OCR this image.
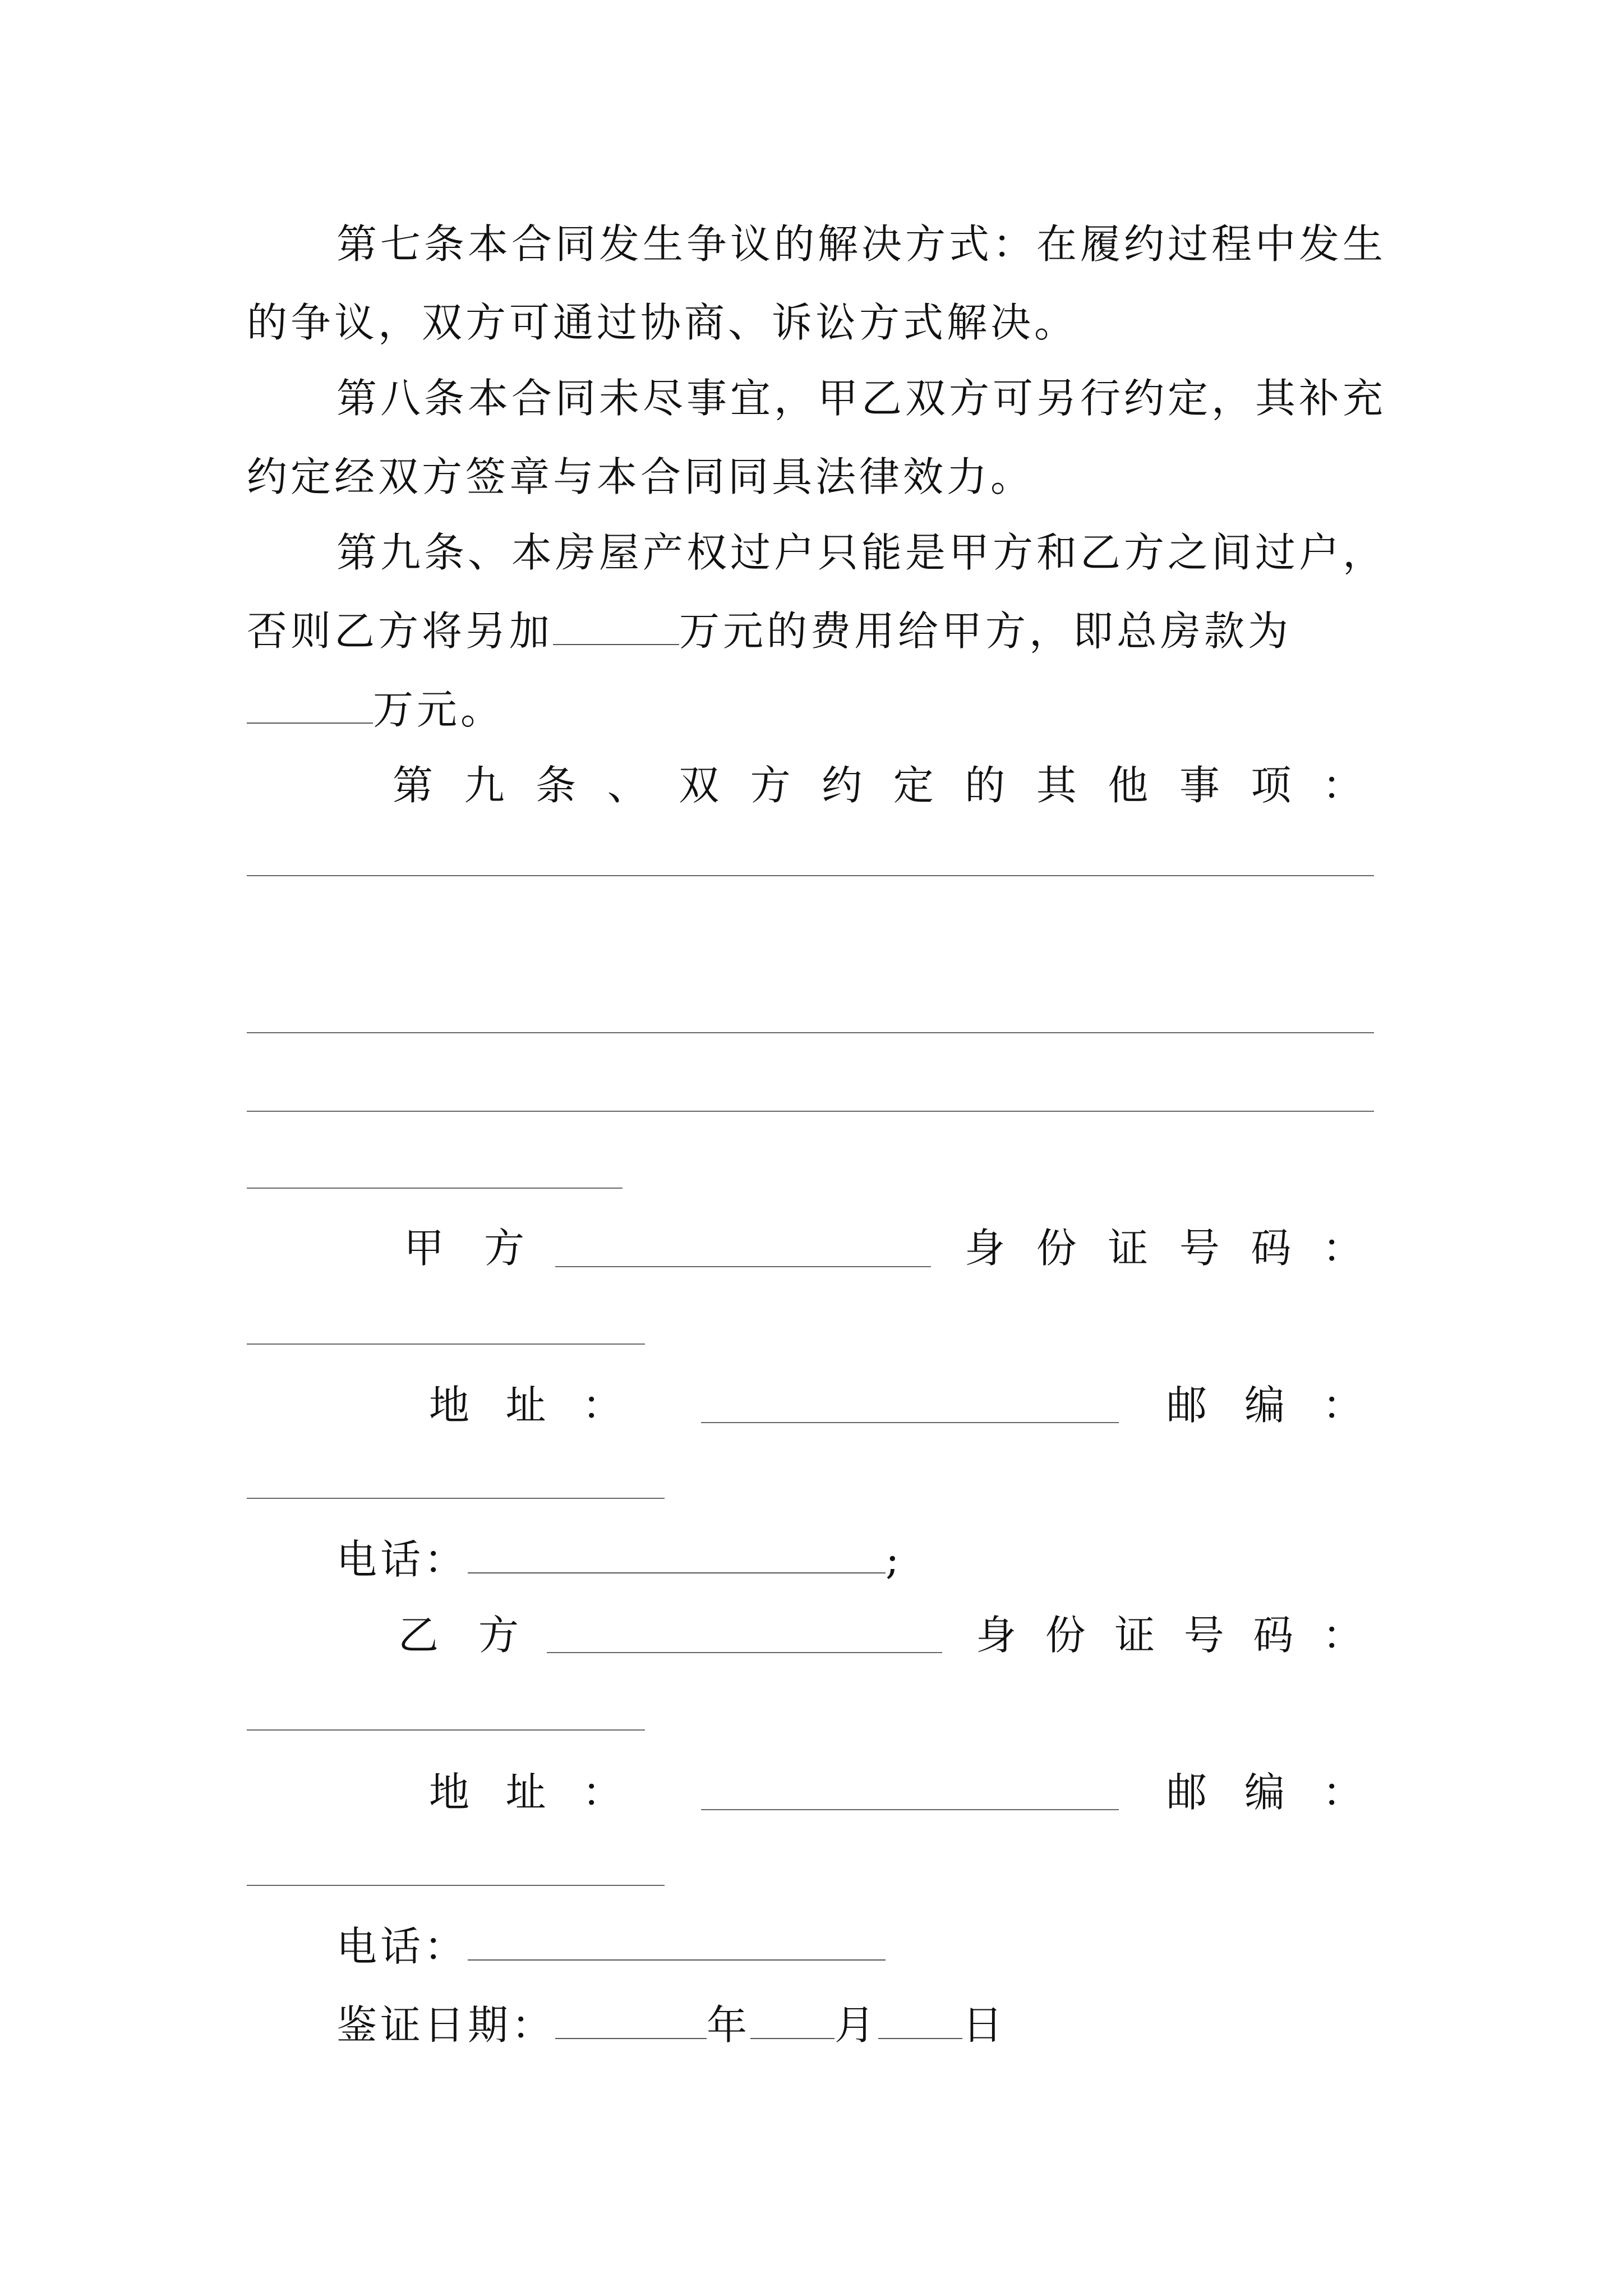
第七条本合同发生争议的解决方式：在履约过程中发生
的争议，双方可通过协商、诉讼方式解决。
第八条本合同未尽事宜，甲乙双方可另行约定，其补充
约定经双方签章与本合同同具法律效力。
第九条、本房屋产权过户只能是甲方和乙方之间过户，
否则乙方将另加	万元的费用给甲方，即总房款为
万元。
第 九 条 、 双 方 约 定 的 其 他 事 项 ：
甲 方	身 份 证 号 码 ：
地 址 ：	邮 编 ：
电话：	;
乙 方	身 份 证 号 码 ：
地 址 ：	邮 编 ：
电话：
鉴证日期：	年 月 日
